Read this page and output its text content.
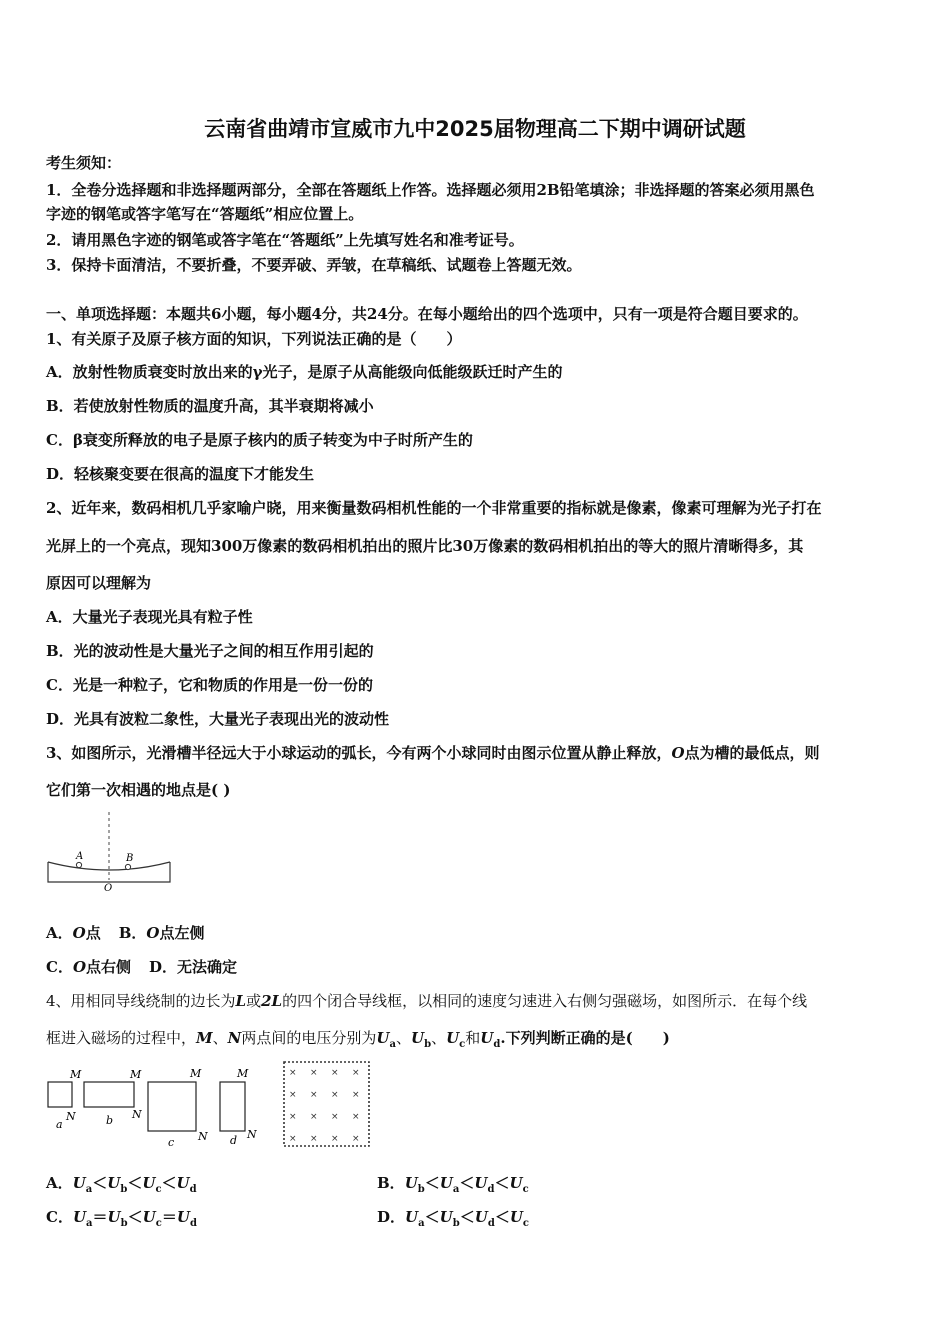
云南省曲靖市宣威市九中2025届物理高二下期中调研试题
考生须知：
1．全卷分选择题和非选择题两部分，全部在答题纸上作答。选择题必须用2B铅笔填涂；非选择题的答案必须用黑色
字迹的钢笔或答字笔写在“答题纸”相应位置上。
2．请用黑色字迹的钢笔或答字笔在“答题纸”上先填写姓名和准考证号。
3．保持卡面清洁，不要折叠，不要弄破、弄皱，在草稿纸、试题卷上答题无效。
一、单项选择题：本题共6小题，每小题4分，共24分。在每小题给出的四个选项中，只有一项是符合题目要求的。
1、有关原子及原子核方面的知识，下列说法正确的是（　　）
A．放射性物质衰变时放出来的γ光子，是原子从高能级向低能级跃迁时产生的
B．若使放射性物质的温度升高，其半衰期将减小
C．β衰变所释放的电子是原子核内的质子转变为中子时所产生的
D．轻核聚变要在很高的温度下才能发生
2、近年来，数码相机几乎家喻户晓，用来衡量数码相机性能的一个非常重要的指标就是像素，像素可理解为光子打在
光屏上的一个亮点，现知300万像素的数码相机拍出的照片比30万像素的数码相机拍出的等大的照片清晰得多，其
原因可以理解为
A．大量光子表现光具有粒子性
B．光的波动性是大量光子之间的相互作用引起的
C．光是一种粒子，它和物质的作用是一份一份的
D．光具有波粒二象性，大量光子表现出光的波动性
3、如图所示，光滑槽半径远大于小球运动的弧长，今有两个小球同时由图示位置从静止释放，O点为槽的最低点，则
它们第一次相遇的地点是( )
A	B
O
A．O点 B．O点左侧
C．O点右侧 D．无法确定
4、用相同导线绕制的边长为L或2L的四个闭合导线框，以相同的速度匀速进入右侧匀强磁场，如图所示．在每个线
框进入磁场的过程中，M、N两点间的电压分别为$U_a$、$U_b$、$U_c$和$U_d$.下列判断正确的是(　　)
M
N
a
M
N
b
M
N
c
M
N
d
× × × ×
× × × ×
× × × ×
× × × ×
A．$U_a<U_b<U_c<U_d$	B．$U_b<U_a<U_d<U_c$
C．$U_a=U_b<U_c=U_d$	D．$U_a<U_b<U_d<U_c$
